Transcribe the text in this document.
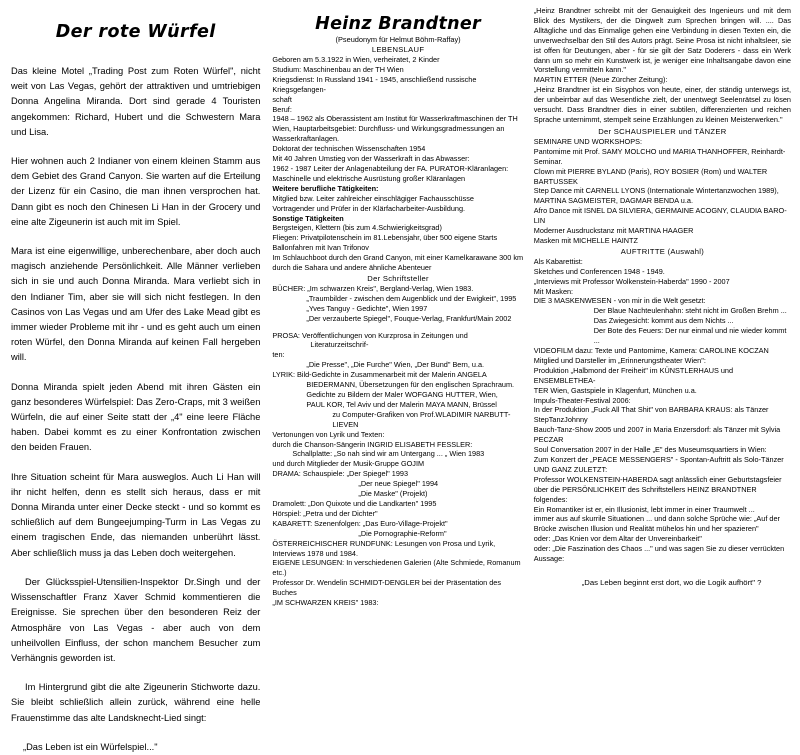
Der rote Würfel

Das kleine Motel „Trading Post zum Roten Würfel", nicht weit von Las Vegas, gehört der attraktiven und umtriebigen Donna Angelina Miranda. Dort sind gerade 4 Touristen angekommen: Richard, Hubert und die Schwestern Mara und Lisa.

Hier wohnen auch 2 Indianer von einem kleinen Stamm aus dem Gebiet des Grand Canyon. Sie warten auf die Erteilung der Lizenz für ein Casino, die man ihnen versprochen hat. Dann gibt es noch den Chinesen Li Han in der Grocery und eine alte Zigeunerin ist auch mit im Spiel.

Mara ist eine eigenwillige, unberechenbare, aber doch auch magisch anziehende Persönlichkeit. Alle Männer verlieben sich in sie und auch Donna Miranda. Mara verliebt sich in den Indianer Tim, aber sie will sich nicht festlegen. In den Casinos von Las Vegas und am Ufer des Lake Mead gibt es immer wieder Probleme mit ihr - und es geht auch um einen roten Würfel, den Donna Miranda auf keinen Fall hergeben will.

Donna Miranda spielt jeden Abend mit ihren Gästen ein ganz besonderes Würfelspiel: Das Zero-Craps, mit 3 weißen Würfeln, die auf einer Seite statt der „4" eine leere Fläche haben. Dabei kommt es zu einer Konfrontation zwischen den beiden Frauen.

Ihre Situation scheint für Mara ausweglos. Auch Li Han will ihr nicht helfen, denn es stellt sich heraus, dass er mit Donna Miranda unter einer Decke steckt - und so kommt es schließlich auf dem Bungeejumping-Turm in Las Vegas zu einem tragischen Ende, das niemanden unberührt lässt. Aber schließlich muss ja das Leben doch weitergehen.

Der Glücksspiel-Utensilien-Inspektor Dr.Singh und der Wissenschaftler Franz Xaver Schmid kommentieren die Ereignisse. Sie sprechen über den besonderen Reiz der Atmosphäre von Las Vegas - aber auch von dem unheilvollen Einfluss, der schon manchem Besucher zum Verhängnis geworden ist.

Im Hintergrund gibt die alte Zigeunerin Stichworte dazu. Sie bleibt schließlich allein zurück, während eine helle Frauenstimme das alte Landsknecht-Lied singt:

„Das Leben ist ein Würfelspiel..."

Heinz Brandtner
(Pseudonym für Helmut Böhm-Raffay)
LEBENSLAUF

Geboren am 5.3.1922 in Wien, verheiratet, 2 Kinder

Studium: Maschinenbau an der TH Wien

Kriegsdienst: In Russland 1941 - 1945, anschließend russische Kriegsgefangen-

schaft

Beruf:

1948 – 1962 als Oberassistent am Institut für Wasserkraftmaschinen der TH

Wien, Hauptarbeitsgebiet: Durchfluss- und Wirkungsgradmessungen an

Wasserkraftanlagen.

Doktorat der technischen Wissenschaften 1954

Mit 40 Jahren Umstieg von der Wasserkraft in das Abwasser:

1962 - 1987 Leiter der Anlagenabteilung der FA. PURATOR-Kläranlagen:

Maschinelle und elektrische Ausrüstung großer Kläranlagen

Weitere berufliche Tätigkeiten:

Mitglied bzw. Leiter zahlreicher einschlägiger Fachausschüsse

Vortragender und Prüfer in der Klärfacharbeiter-Ausbildung.

Sonstige Tätigkeiten

Bergsteigen, Klettern (bis zum 4.Schwierigkeitsgrad)

Fliegen: Privatpilotenschein im 81.Lebensjahr, über 500 eigene Starts

Ballonfahren mit Ivan Trifonov

Im Schlauchboot durch den Grand Canyon, mit einer Kamelkarawane 300 km

durch die Sahara und andere ähnliche Abenteuer

Der Schriftsteller

BÜCHER: „Im schwarzen Kreis", Bergland-Verlag, Wien 1983.

„Traumbilder - zwischen dem Augenblick und der Ewigkeit", 1995

„Yves Tanguy - Gedichte", Wien 1997

„Der verzauberte Spiegel", Fouque-Verlag, Frankfurt/Main 2002

PROSA: Veröffentlichungen von Kurzprosa in Zeitungen und Literaturzeitschrif-

ten:

„Die Presse", „Die Furche" Wien, „Der Bund" Bern, u.a.

LYRIK: Bild-Gedichte in Zusammenarbeit mit der Malerin ANGELA

BIEDERMANN, Übersetzungen für den englischen Sprachraum.

Gedichte zu Bildern der Maler WOFGANG HUTTER, Wien,

PAUL KOR, Tel Aviv und der Malerin MAYA MANN, Brüssel

zu Computer-Grafiken von Prof.WLADIMIR NARBUTT-LIEVEN

Vertonungen von Lyrik und Texten:

durch die Chanson-Sängerin INGRID ELISABETH FESSLER:

Schallplatte: „So nah sind wir am Untergang ... „ Wien 1983

und durch Mitglieder der Musik-Gruppe GOJIM

DRAMA: Schauspiele: „Der Spiegel" 1993

„Der neue Spiegel" 1994

„Die Maske" (Projekt)

Dramolett: „Don Quixote und die Landkarten" 1995

Hörspiel: „Petra und der Dichter"

KABARETT: Szenenfolgen: „Das Euro-Village-Projekt"

„Die Pornographie-Reform"

ÖSTERREICHISCHER RUNDFUNK: Lesungen von Prosa und Lyrik,

Interviews 1978 und 1984.

EIGENE LESUNGEN: In verschiedenen Galerien (Alte Schmiede, Romanum

etc.)

Professor Dr. Wendelin SCHMIDT-DENGLER bei der Präsentation des Buches

„IM SCHWARZEN KREIS" 1983:

„Heinz Brandtner schreibt mit der Genauigkeit des Ingenieurs und mit dem Blick des Mystikers, der die Dingwelt zum Sprechen bringen will. .... Das Alltägliche und das Einmalige gehen eine Verbindung in diesen Texten ein, die unverwechselbar den Stil des Autors prägt. Seine Prosa ist nicht inhaltsleer, sie ist offen für Deutungen, aber - für sie gilt der Satz Doderers - dass ein Werk dann um so mehr ein Kunstwerk ist, je weniger eine Inhaltsangabe davon eine Vorstellung vermitteln kann."

MARTIN ETTER (Neue Zürcher Zeitung):

„Heinz Brandtner ist ein Sisyphos von heute, einer, der ständig unterwegs ist, der unbeirrbar auf das Wesentliche zielt, der unentwegt Seelenrätsel zu lösen versucht. Dass Brandtner dies in einer subtilen, differenzierten und reichen Sprache unternimmt, stempelt seine Erzählungen zu kleinen Meisterwerken."

Der SCHAUSPIELER und TÄNZER

SEMINARE UND WORKSHOPS:

Pantomime mit Prof. SAMY MOLCHO und MARIA THANHOFFER, Reinhardt-

Seminar.

Clown mit PIERRE BYLAND (Paris), ROY BOSIER (Rom) und WALTER

BARTUSSEK

Step Dance mit CARNELL LYONS (Internationale Wintertanzwochen 1989),

MARTINA SAGMEISTER, DAGMAR BENDA u.a.

Afro Dance mit ISNEL DA SILVIERA, GERMAINE ACOGNY, CLAUDIA BARO-

LIN

Moderner Ausdruckstanz mit MARTINA HAAGER

Masken mit MICHELLE HAINTZ

AUFTRITTE (Auswahl)

Als Kabarettist:

Sketches und Conferencen 1948 - 1949.

„Interviews mit Professor Wolkenstein-Haberda" 1990 - 2007

Mit Masken:

DIE 3 MASKENWESEN - von mir in die Welt gesetzt:

Der Blaue Nachteulenhahn: steht nicht im Großen Brehm ...

Das Zwiegesicht: kommt aus dem Nichts ...

Der Bote des Feuers: Der nur einmal und nie wieder kommt ...

VIDEOFILM dazu: Texte und Pantomime, Kamera: CAROLINE KOCZAN

Mitglied und Darsteller im „Erinnerungstheater Wien":

Produktion „Halbmond der Freiheit" im KÜNSTLERHAUS und ENSEMBLETHEA-

TER Wien, Gastspiele in Klagenfurt, München u.a.

Impuls-Theater-Festival 2006:

In der Produktion „Fuck All That Shit" von BARBARA KRAUS: als Tänzer

StepTanzJohnny

Bauch-Tanz-Show 2005 und 2007 in Maria Enzersdorf: als Tänzer mit Sylvia

PECZAR

Soul Conversation 2007 in der Halle „E" des Museumsquartiers in Wien:

Zum Konzert der „PEACE MESSENGERS" - Spontan-Auftritt als Solo-Tänzer

UND GANZ ZULETZT:

Professor WOLKENSTEIN-HABERDA sagt anlässlich einer Geburtstagsfeier

über die PERSÖNLICHKEIT des Schriftstellers HEINZ BRANDTNER folgendes:

Ein Romantiker ist er, ein Illusionist, lebt immer in einer Traumwelt ...

immer aus auf skurrile Situationen ... und dann solche Sprüche wie: „Auf der

Brücke zwischen Illusion und Realität mühelos hin und her spazieren"

oder: „Das Knien vor dem Altar der Unvereinbarkeit"

oder: „Die Faszination des Chaos ..." und was sagen Sie zu dieser verrückten

Aussage:

„Das Leben beginnt erst dort, wo die Logik aufhört" ?
